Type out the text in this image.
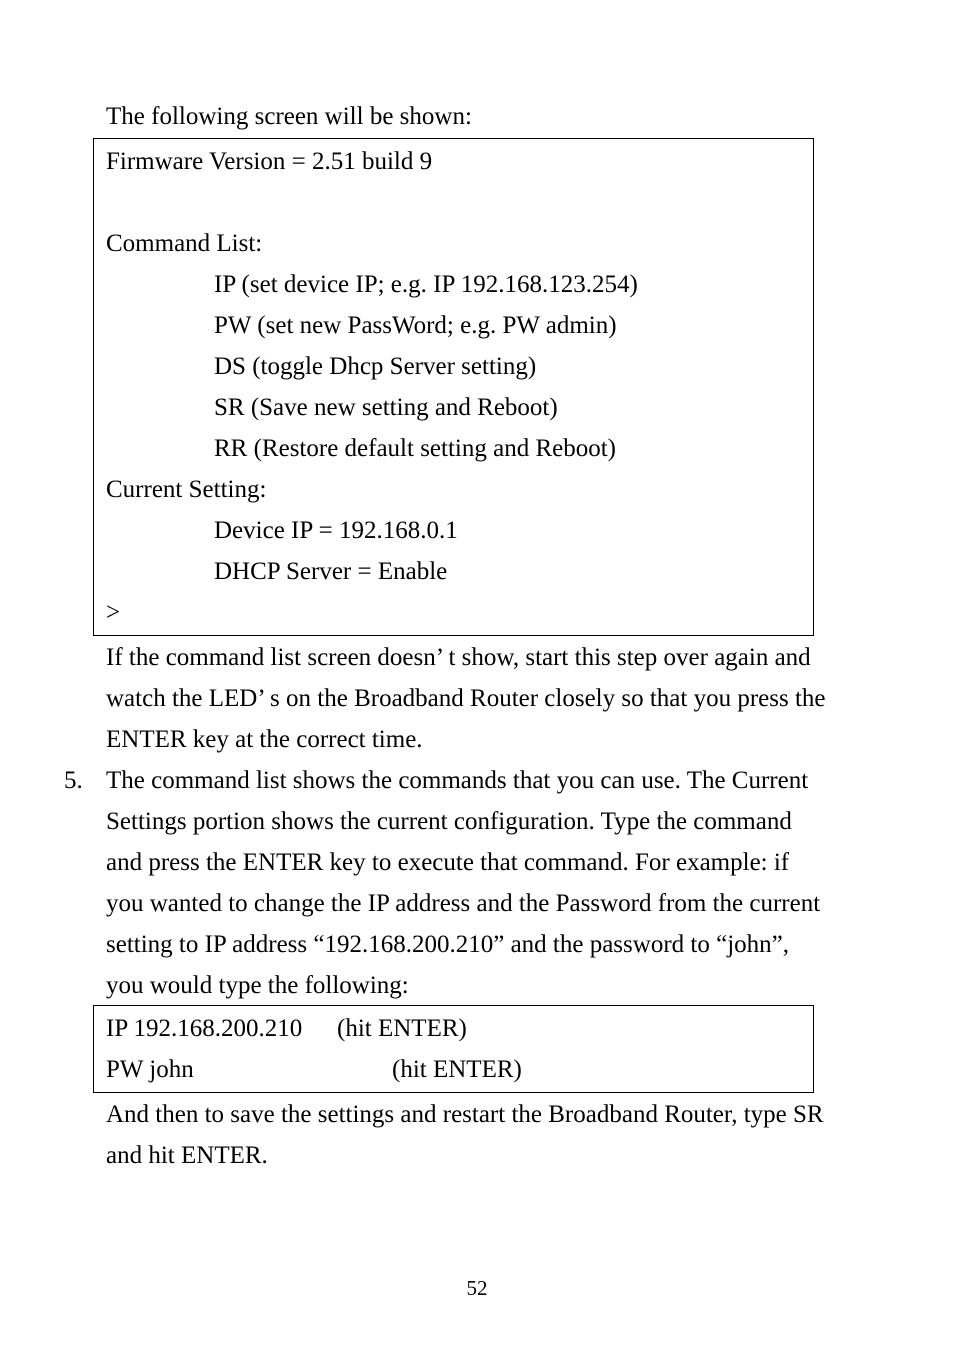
The following screen will be shown:
Firmware Version = 2.51 build 9
Command List:
IP (set device IP; e.g. IP 192.168.123.254)
PW (set new PassWord; e.g. PW admin)
DS (toggle Dhcp Server setting)
SR (Save new setting and Reboot)
RR (Restore default setting and Reboot)
Current Setting:
Device IP = 192.168.0.1
DHCP Server = Enable
>
If the command list screen doesn’ t show, start this step over again and
watch the LED’ s on the Broadband Router closely so that you press the
ENTER key at the correct time.
5. The command list shows the commands that you can use. The Current
Settings portion shows the current configuration. Type the command
and press the ENTER key to execute that command. For example: if
you wanted to change the IP address and the Password from the current
setting to IP address “192.168.200.210” and the password to “john”,
you would type the following:
IP 192.168.200.210 (hit ENTER)
PW john	(hit ENTER)
And then to save the settings and restart the Broadband Router, type SR
and hit ENTER.
52
